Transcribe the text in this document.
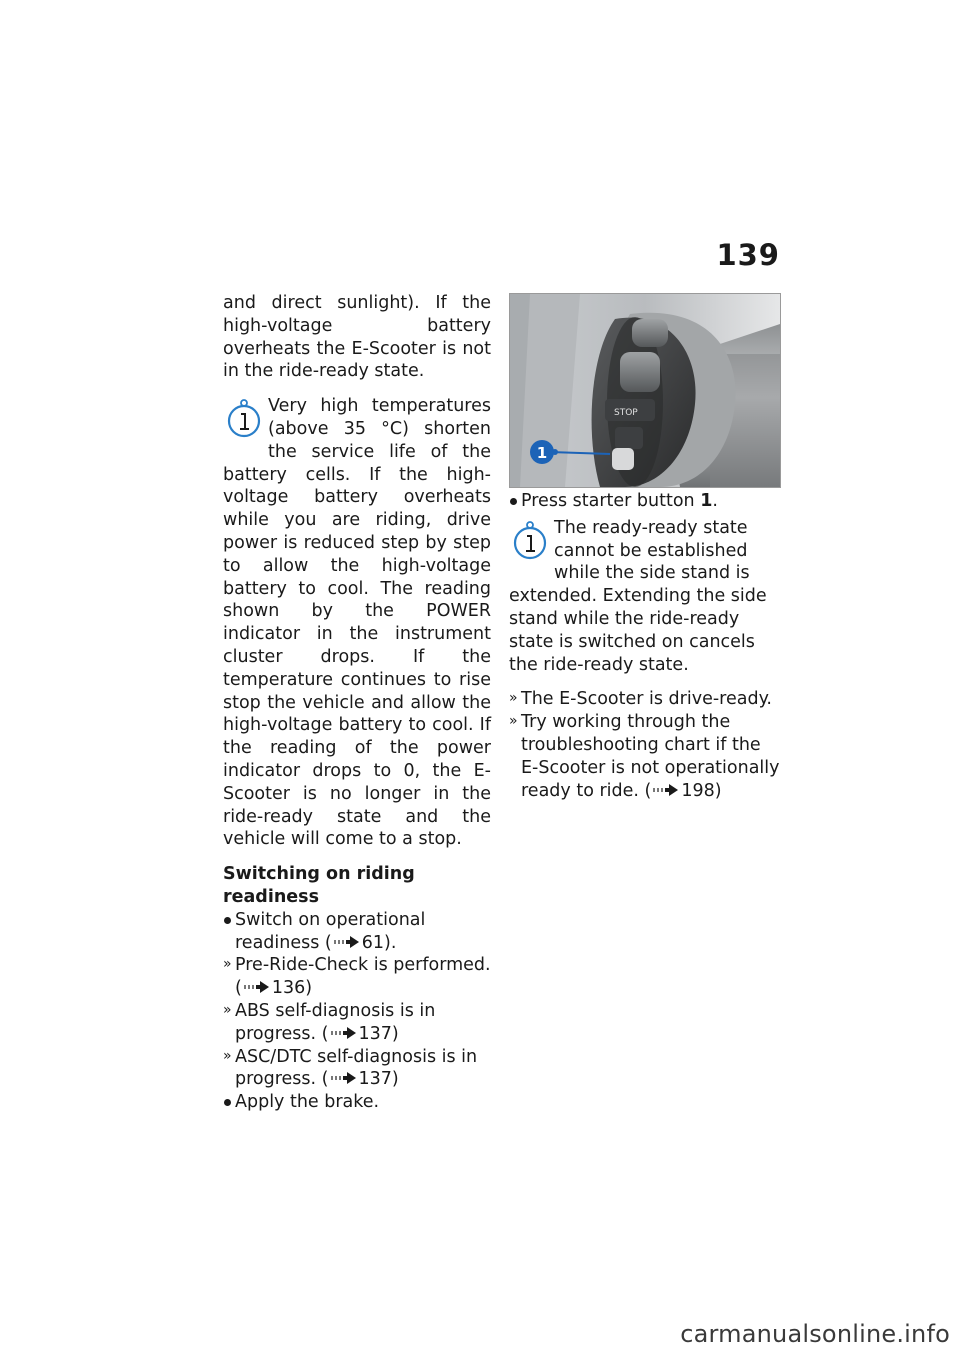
139

and direct sunlight). If the high-voltage battery overheats the E-Scooter is not in the ride-ready state.

Very high temperatures (above 35 °C) shorten the service life of the battery cells. If the high-voltage battery overheats while you are riding, drive power is reduced step by step to allow the high-voltage battery to cool. The reading shown by the POWER indicator in the instrument cluster drops. If the temperature continues to rise stop the vehicle and allow the high-voltage battery to cool. If the reading of the power indicator drops to 0, the E-Scooter is no longer in the ride-ready state and the vehicle will come to a stop.

Switching on riding readiness

Switch on operational readiness ( 61).
» Pre-Ride-Check is performed. ( 136)
» ABS self-diagnosis is in progress. ( 137)
» ASC/DTC self-diagnosis is in progress. ( 137)
Apply the brake.
STOP
1
Press starter button 1.
The ready-ready state cannot be established while the side stand is extended. Extending the side stand while the ride-ready state is switched on cancels the ride-ready state.
» The E-Scooter is drive-ready.
» Try working through the troubleshooting chart if the E-Scooter is not operationally ready to ride. ( 198)
carmanualsonline.info
